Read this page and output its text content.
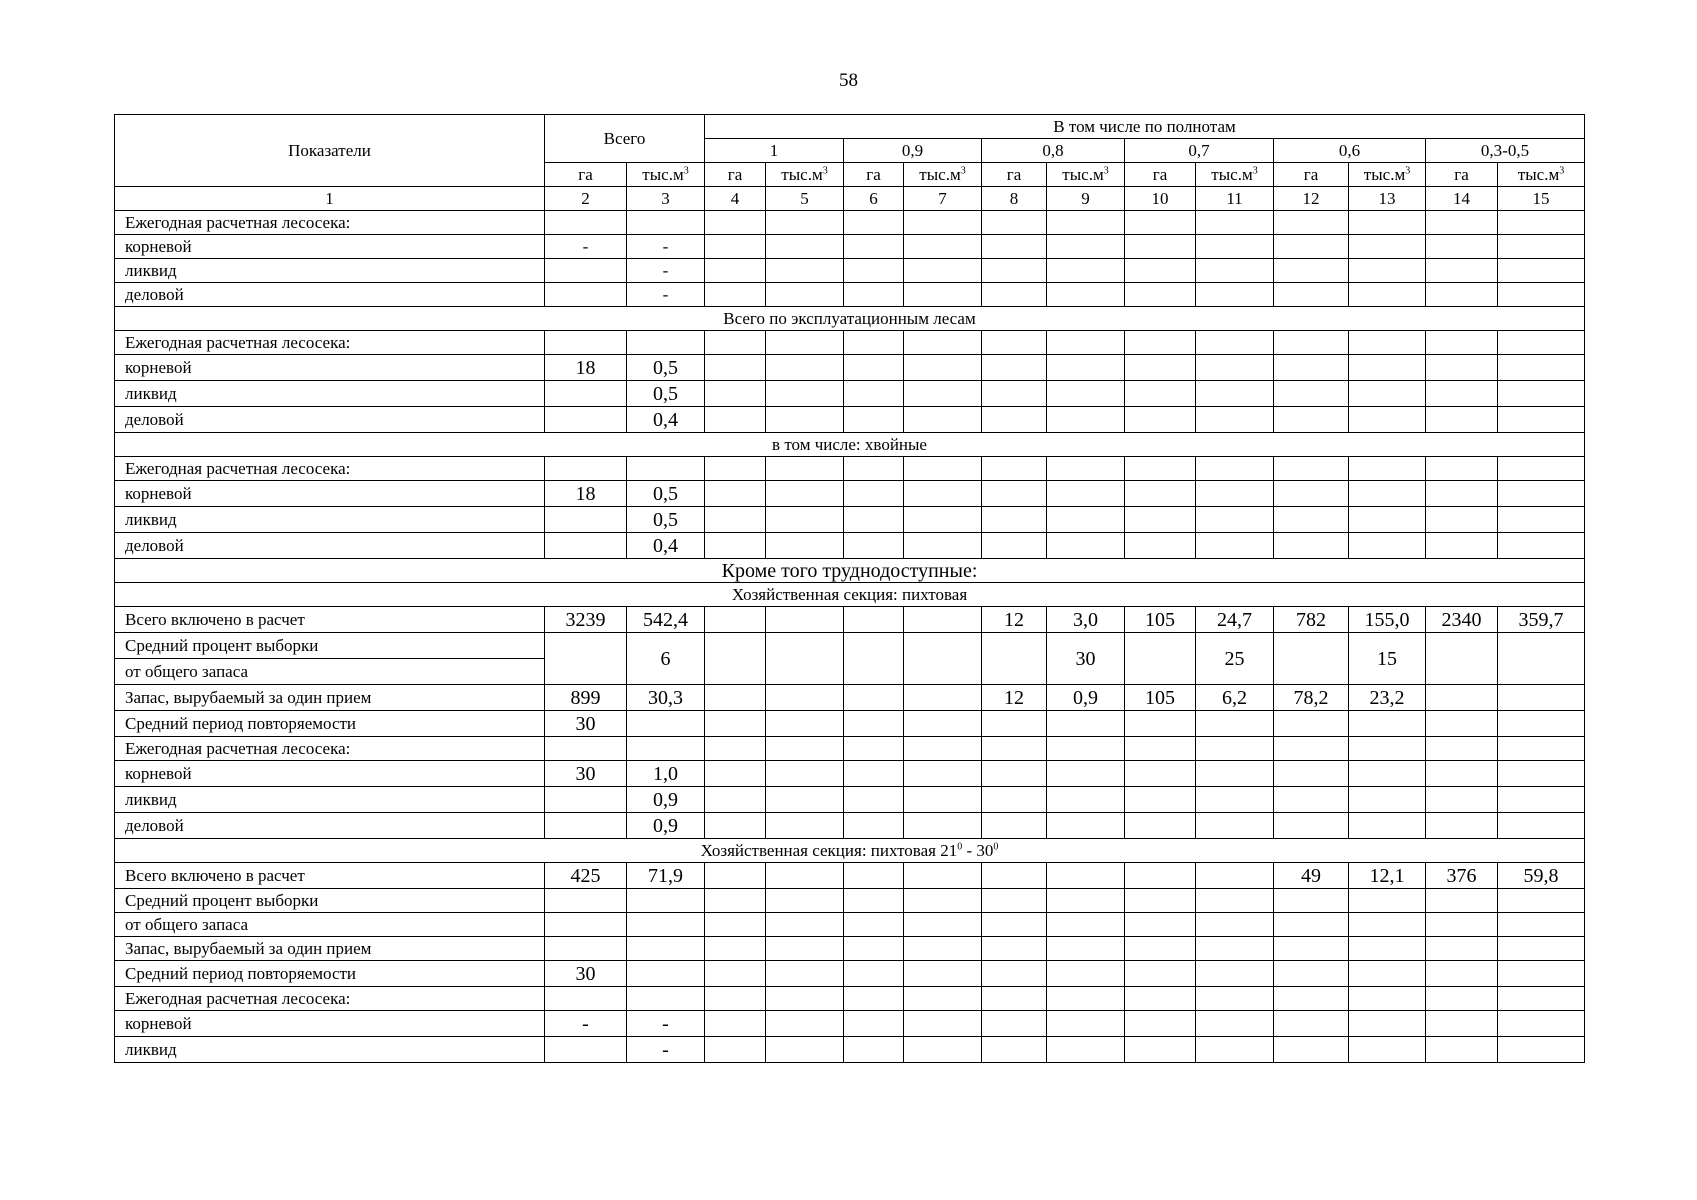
58
Показатели	Всего		В том числе по полнотам											
			1		0,9		0,8		0,7		0,6		0,3-0,5	
	га	$тыс.м^3$	га	$тыс.м^3$	га	$тыс.м^3$	га	$тыс.м^3$	га	$тыс.м^3$	га	$тыс.м^3$	га	$тыс.м^3$
1	2	3	4	5	6	7	8	9	10	11	12	13	14	15
Ежегодная расчетная лесосека:														
корневой	-	-												
ликвид		-												
деловой		-												
Всего по эксплуатационным лесам														
Ежегодная расчетная лесосека:														
корневой	18	0,5												
ликвид		0,5												
деловой		0,4												
в том числе: хвойные														
Ежегодная расчетная лесосека:														
корневой	18	0,5												
ликвид		0,5												
деловой		0,4												
Кроме того труднодоступные:														
Хозяйственная секция: пихтовая														
Всего включено в расчет	3239	542,4					12	3,0	105	24,7	782	155,0	2340	359,7
Средний процент выборки		6						30		25		15		
от общего запаса														
Запас, вырубаемый за один прием	899	30,3					12	0,9	105	6,2	78,2	23,2		
Средний период повторяемости	30													
Ежегодная расчетная лесосека:														
корневой	30	1,0												
ликвид		0,9												
деловой		0,9												
Хозяйственная секция: пихтовая $21^0 - 30^0$
Всего включено в расчет	425	71,9									49	12,1	376	59,8
Средний процент выборки														
от общего запаса														
Запас, вырубаемый за один прием														
Средний период повторяемости	30													
Ежегодная расчетная лесосека:														
корневой	-	-												
ликвид		-												
